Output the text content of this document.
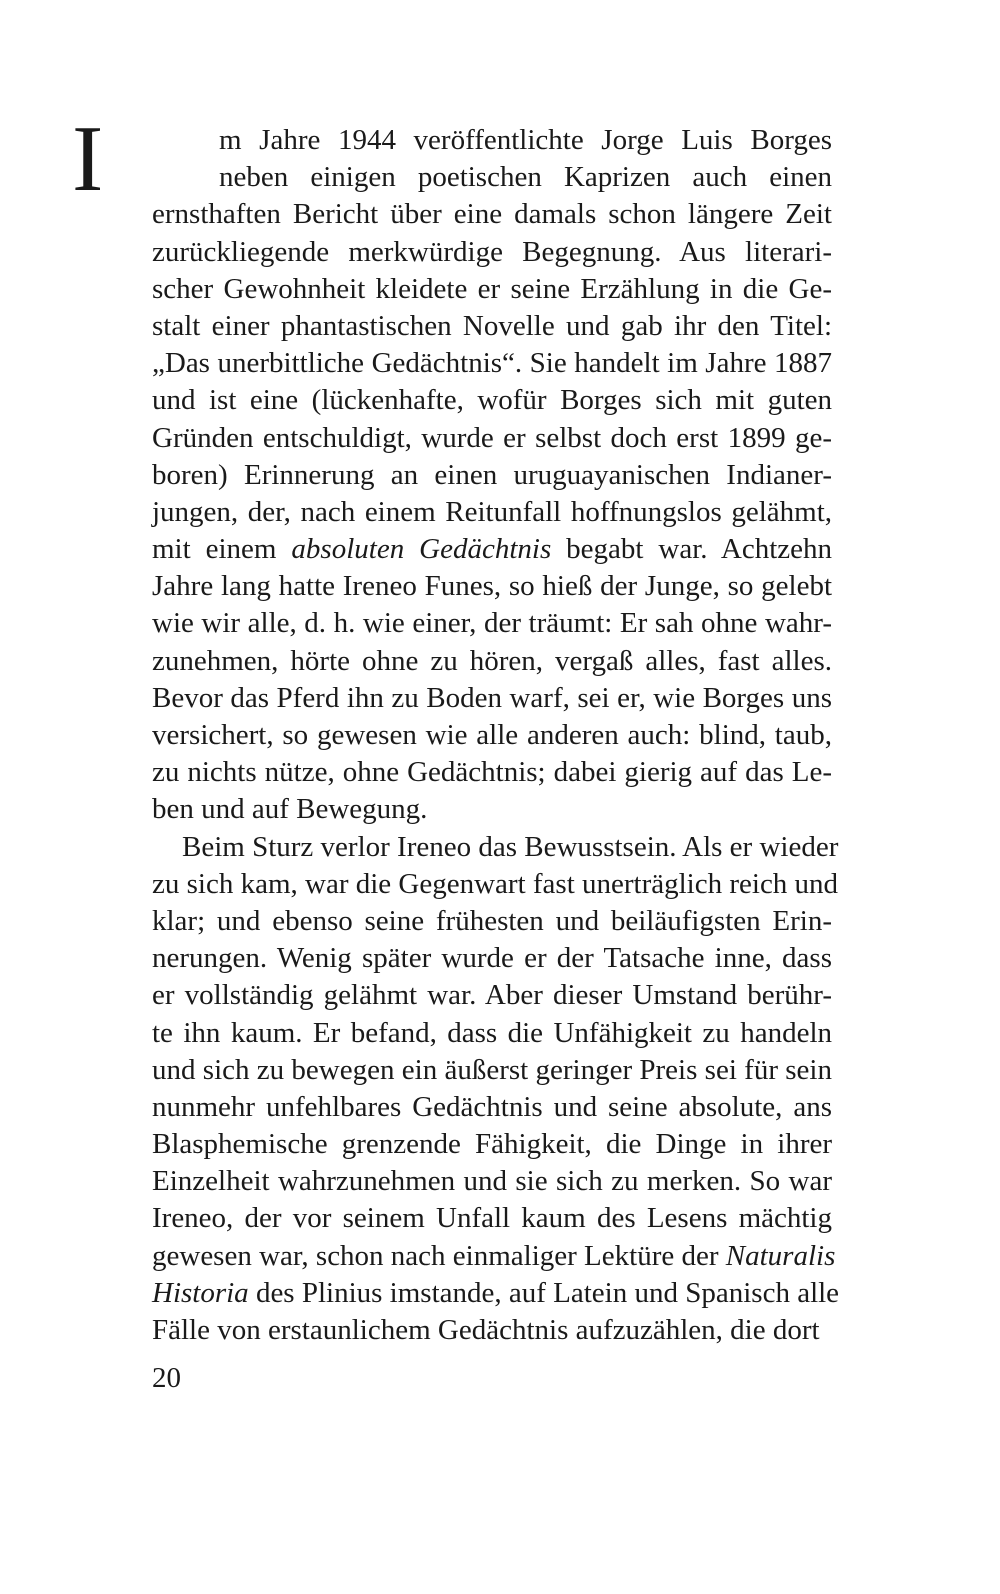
I	m Jahre 1944 veröffentlichte Jorge Luis Borges
neben einigen poetischen Kaprizen auch einen
ernsthaften Bericht über eine damals schon längere Zeit
zurückliegende merkwürdige Begegnung. Aus literari-
scher Gewohnheit kleidete er seine Erzählung in die Ge-
stalt einer phantastischen Novelle und gab ihr den Titel:
„Das unerbittliche Gedächtnis“. Sie handelt im Jahre 1887
und ist eine (lückenhafte, wofür Borges sich mit guten
Gründen entschuldigt, wurde er selbst doch erst 1899 ge-
boren) Erinnerung an einen uruguayanischen Indianer-
jungen, der, nach einem Reitunfall hoffnungslos gelähmt,
mit einem absoluten Gedächtnis begabt war. Achtzehn
Jahre lang hatte Ireneo Funes, so hieß der Junge, so gelebt
wie wir alle, d. h. wie einer, der träumt: Er sah ohne wahr-
zunehmen, hörte ohne zu hören, vergaß alles, fast alles.
Bevor das Pferd ihn zu Boden warf, sei er, wie Borges uns
versichert, so gewesen wie alle anderen auch: blind, taub,
zu nichts nütze, ohne Gedächtnis; dabei gierig auf das Le-
ben und auf Bewegung.
Beim Sturz verlor Ireneo das Bewusstsein. Als er wieder
zu sich kam, war die Gegenwart fast unerträglich reich und
klar; und ebenso seine frühesten und beiläufigsten Erin-
nerungen. Wenig später wurde er der Tatsache inne, dass
er vollständig gelähmt war. Aber dieser Umstand berühr-
te ihn kaum. Er befand, dass die Unfähigkeit zu handeln
und sich zu bewegen ein äußerst geringer Preis sei für sein
nunmehr unfehlbares Gedächtnis und seine absolute, ans
Blasphemische grenzende Fähigkeit, die Dinge in ihrer
Einzelheit wahrzunehmen und sie sich zu merken. So war
Ireneo, der vor seinem Unfall kaum des Lesens mächtig
gewesen war, schon nach einmaliger Lektüre der Naturalis
Historia des Plinius imstande, auf Latein und Spanisch alle
Fälle von erstaunlichem Gedächtnis aufzuzählen, die dort
20
